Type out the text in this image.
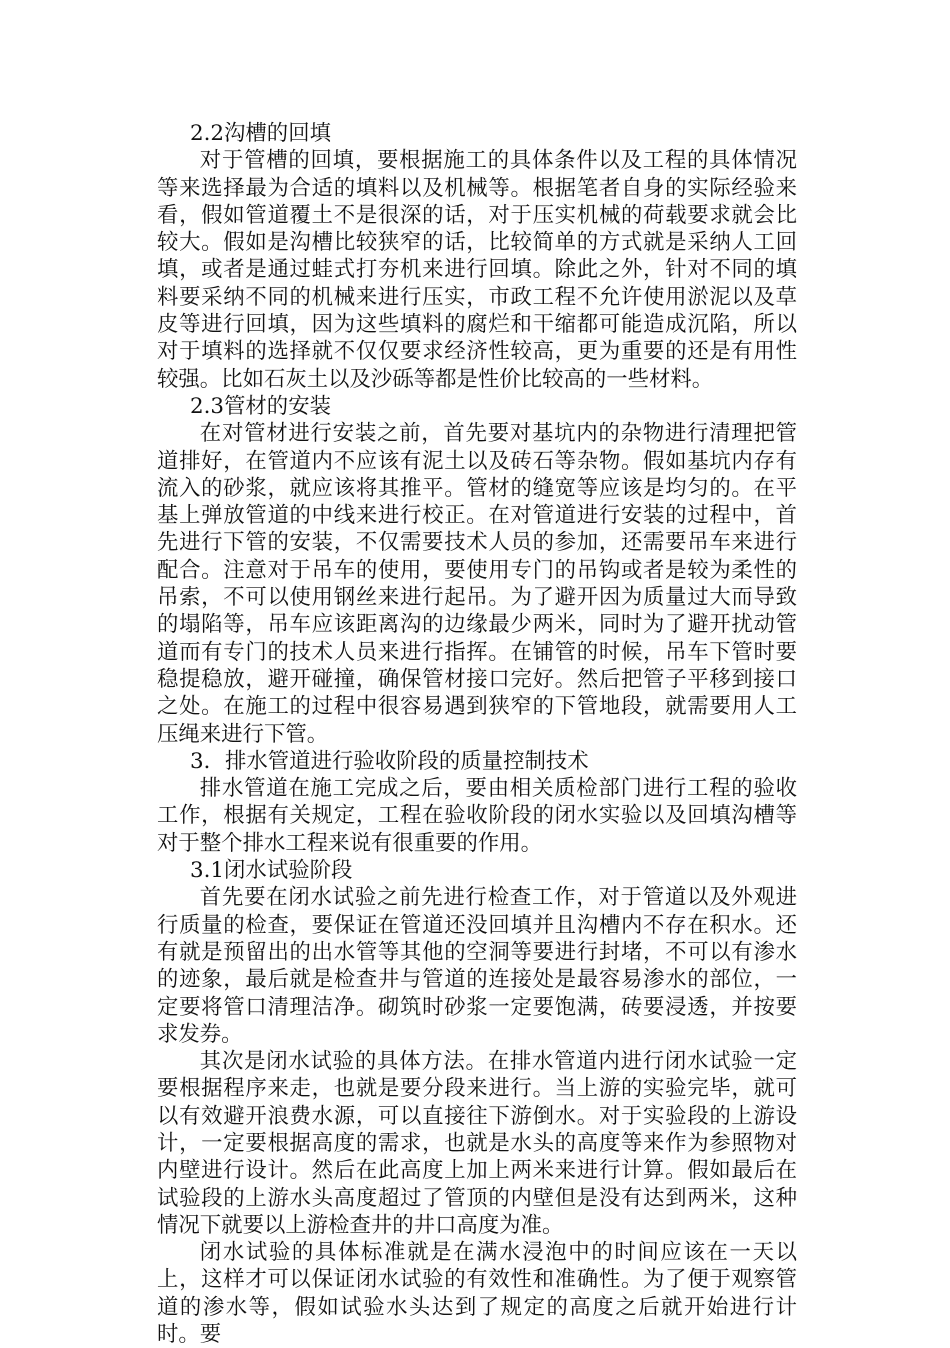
2.2沟槽的回填

对于管槽的回填，要根据施工的具体条件以及工程的具体情况等来选择最为合适的填料以及机械等。根据笔者自身的实际经验来看，假如管道覆土不是很深的话，对于压实机械的荷载要求就会比较大。假如是沟槽比较狭窄的话，比较简单的方式就是采纳人工回填，或者是通过蛙式打夯机来进行回填。除此之外，针对不同的填料要采纳不同的机械来进行压实，市政工程不允许使用淤泥以及草皮等进行回填，因为这些填料的腐烂和干缩都可能造成沉陷，所以对于填料的选择就不仅仅要求经济性较高，更为重要的还是有用性较强。比如石灰土以及沙砾等都是性价比较高的一些材料。

2.3管材的安装

在对管材进行安装之前，首先要对基坑内的杂物进行清理把管道排好，在管道内不应该有泥土以及砖石等杂物。假如基坑内存有流入的砂浆，就应该将其推平。管材的缝宽等应该是均匀的。在平基上弹放管道的中线来进行校正。在对管道进行安装的过程中，首先进行下管的安装，不仅需要技术人员的参加，还需要吊车来进行配合。注意对于吊车的使用，要使用专门的吊钩或者是较为柔性的吊索，不可以使用钢丝来进行起吊。为了避开因为质量过大而导致的塌陷等，吊车应该距离沟的边缘最少两米，同时为了避开扰动管道而有专门的技术人员来进行指挥。在铺管的时候，吊车下管时要稳提稳放，避开碰撞，确保管材接口完好。然后把管子平移到接口之处。在施工的过程中很容易遇到狭窄的下管地段，就需要用人工压绳来进行下管。

3．排水管道进行验收阶段的质量控制技术

排水管道在施工完成之后，要由相关质检部门进行工程的验收工作，根据有关规定，工程在验收阶段的闭水实验以及回填沟槽等对于整个排水工程来说有很重要的作用。

3.1闭水试验阶段

首先要在闭水试验之前先进行检查工作，对于管道以及外观进行质量的检查，要保证在管道还没回填并且沟槽内不存在积水。还有就是预留出的出水管等其他的空洞等要进行封堵，不可以有渗水的迹象，最后就是检查井与管道的连接处是最容易渗水的部位，一定要将管口清理洁净。砌筑时砂浆一定要饱满，砖要浸透，并按要求发券。

其次是闭水试验的具体方法。在排水管道内进行闭水试验一定要根据程序来走，也就是要分段来进行。当上游的实验完毕，就可以有效避开浪费水源，可以直接往下游倒水。对于实验段的上游设计，一定要根据高度的需求，也就是水头的高度等来作为参照物对内壁进行设计。然后在此高度上加上两米来进行计算。假如最后在试验段的上游水头高度超过了管顶的内壁但是没有达到两米，这种情况下就要以上游检查井的井口高度为准。

闭水试验的具体标准就是在满水浸泡中的时间应该在一天以上，这样才可以保证闭水试验的有效性和准确性。为了便于观察管道的渗水等，假如试验水头达到了规定的高度之后就开始进行计时。要
